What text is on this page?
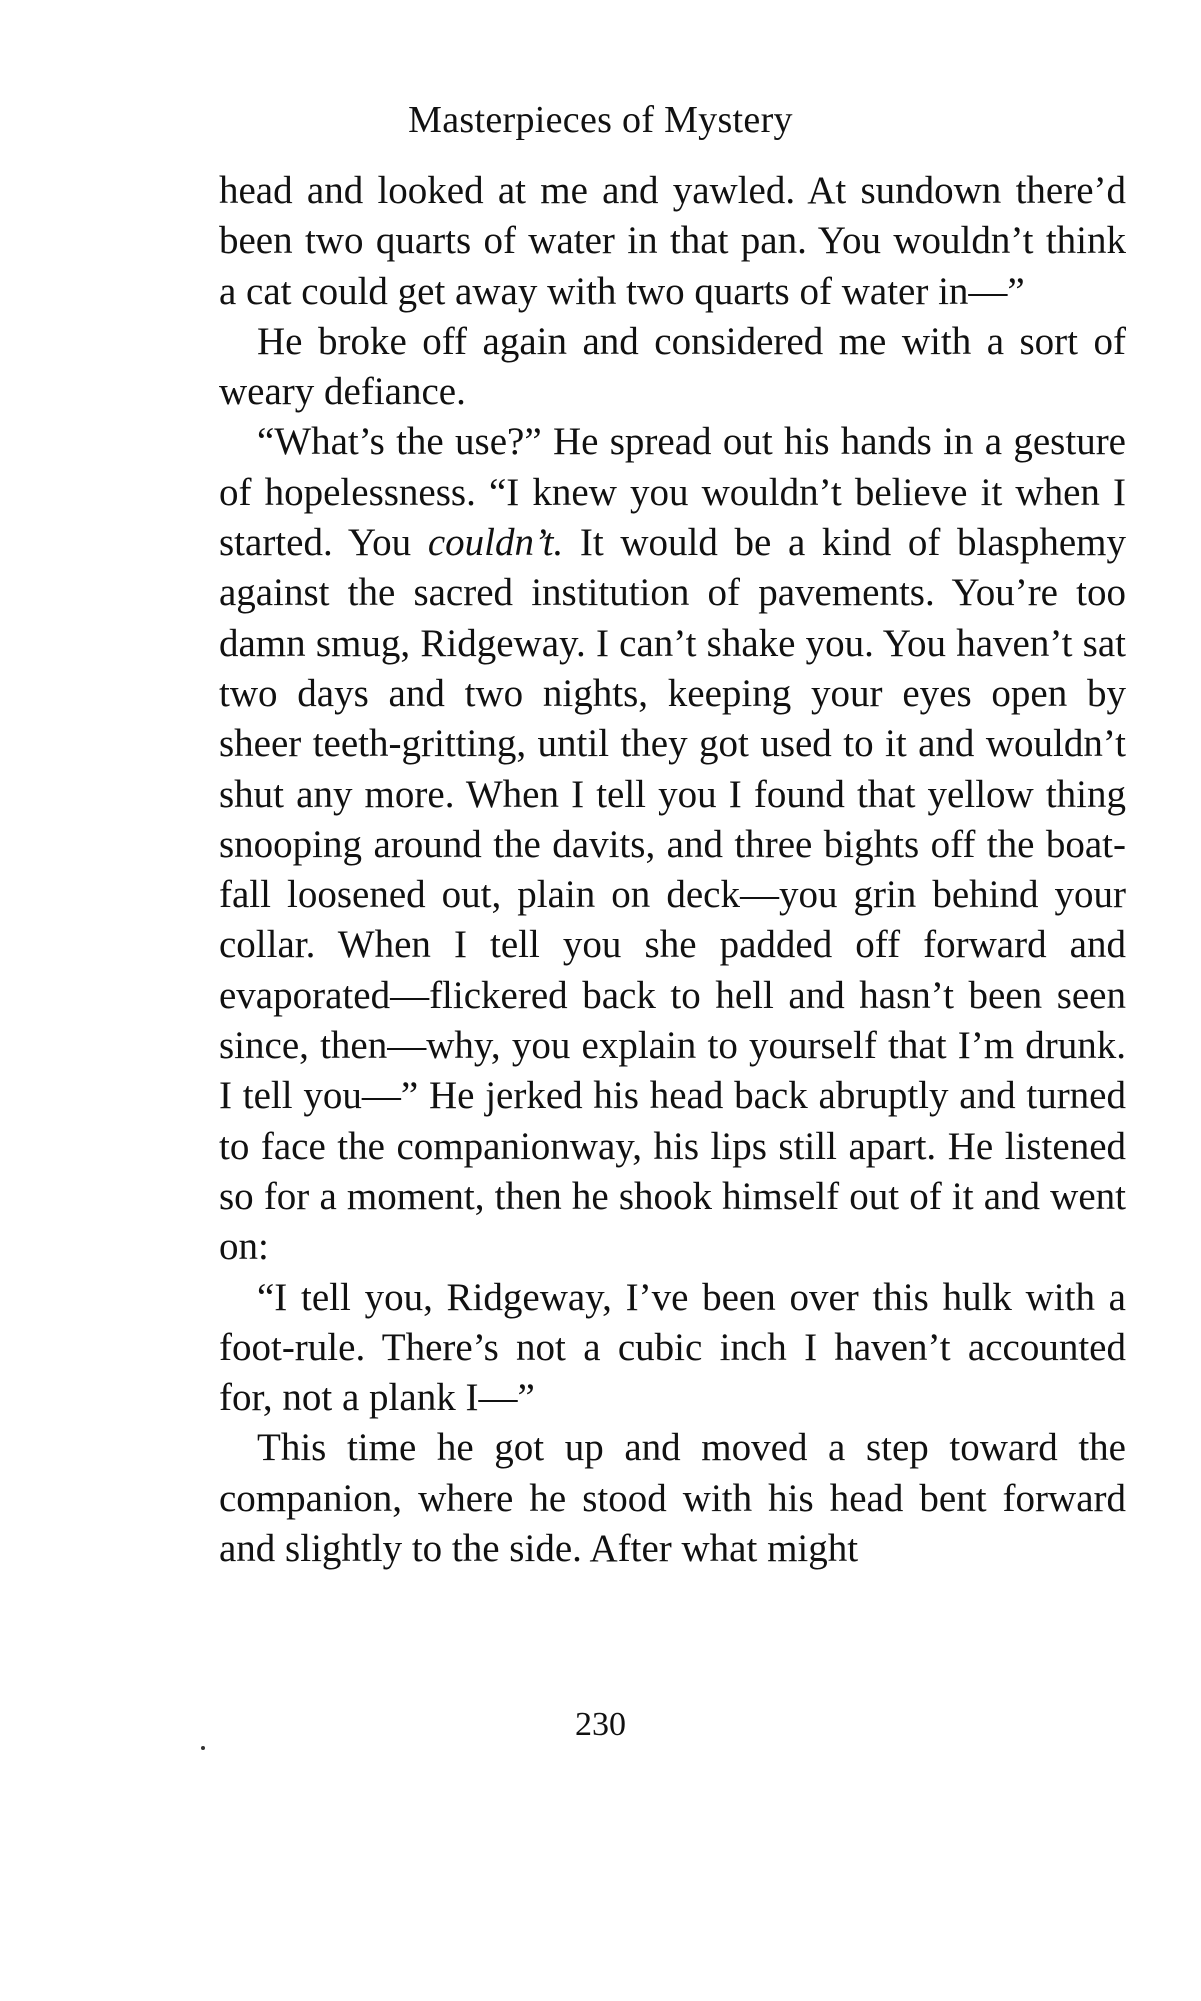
Masterpieces of Mystery

head and looked at me and yawled. At sundown there’d been two quarts of water in that pan. You wouldn’t think a cat could get away with two quarts of water in—”

He broke off again and considered me with a sort of weary defiance.

“What’s the use?” He spread out his hands in a gesture of hopelessness. “I knew you wouldn’t believe it when I started. You couldn’t. It would be a kind of blasphemy against the sacred institution of pavements. You’re too damn smug, Ridgeway. I can’t shake you. You haven’t sat two days and two nights, keeping your eyes open by sheer teeth-gritting, until they got used to it and wouldn’t shut any more. When I tell you I found that yellow thing snooping around the davits, and three bights off the boat-fall loosened out, plain on deck—you grin behind your collar. When I tell you she padded off forward and evaporated—flickered back to hell and hasn’t been seen since, then—why, you explain to yourself that I’m drunk. I tell you—” He jerked his head back abruptly and turned to face the companionway, his lips still apart. He listened so for a moment, then he shook himself out of it and went on:

“I tell you, Ridgeway, I’ve been over this hulk with a foot-rule. There’s not a cubic inch I haven’t accounted for, not a plank I—”

This time he got up and moved a step toward the companion, where he stood with his head bent forward and slightly to the side. After what might

230
